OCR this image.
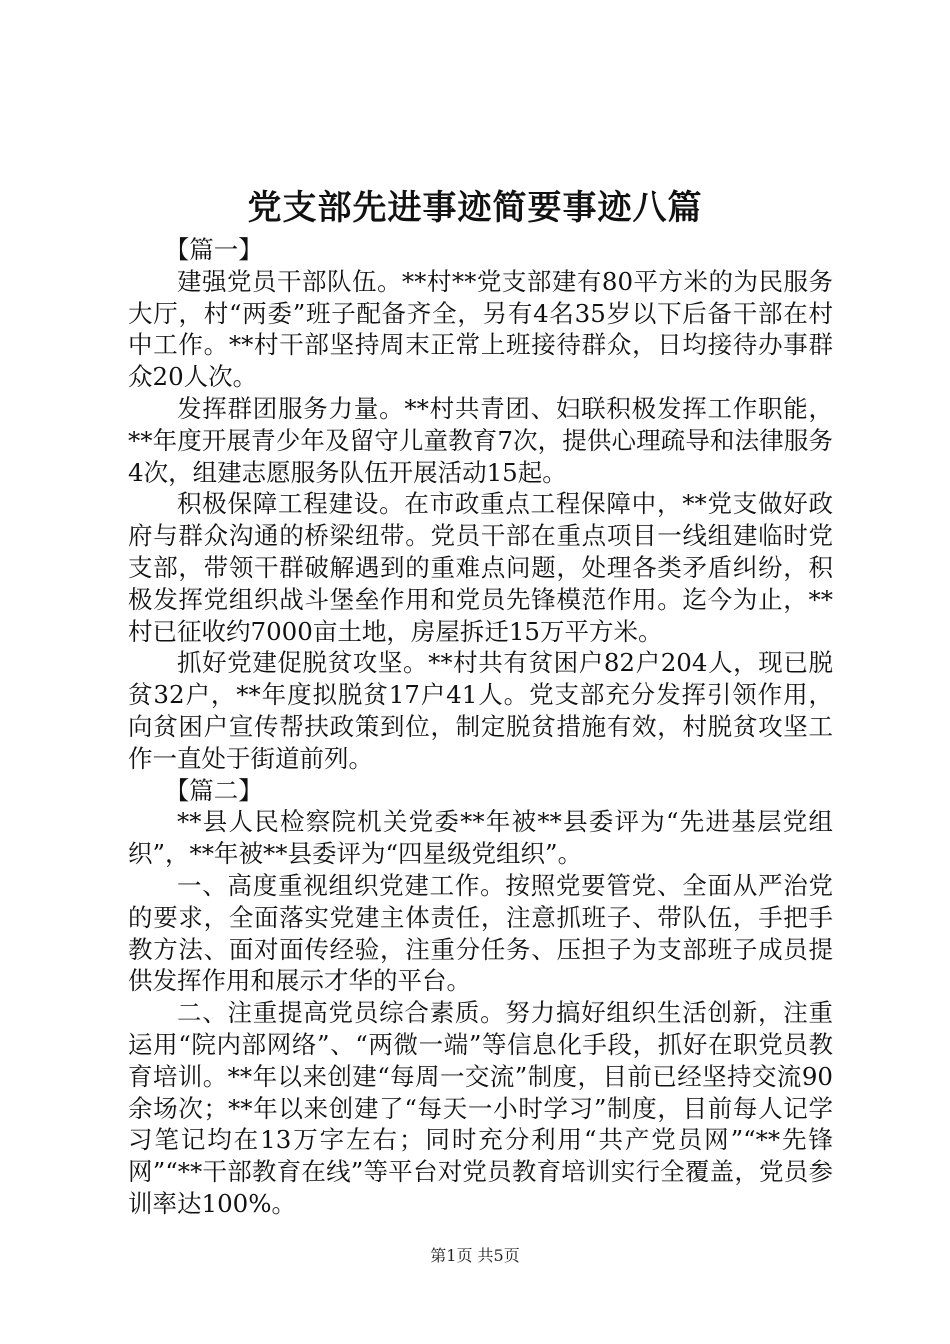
党支部先进事迹简要事迹八篇

【篇一】

建强党员干部队伍。**村**党支部建有80平方米的为民服务大厅，村“两委”班子配备齐全，另有4名35岁以下后备干部在村中工作。**村干部坚持周末正常上班接待群众，日均接待办事群众20人次。

发挥群团服务力量。**村共青团、妇联积极发挥工作职能，**年度开展青少年及留守儿童教育7次，提供心理疏导和法律服务4次，组建志愿服务队伍开展活动15起。

积极保障工程建设。在市政重点工程保障中，**党支做好政府与群众沟通的桥梁纽带。党员干部在重点项目一线组建临时党支部，带领干群破解遇到的重难点问题，处理各类矛盾纠纷，积极发挥党组织战斗堡垒作用和党员先锋模范作用。迄今为止，**村已征收约7000亩土地，房屋拆迁15万平方米。

抓好党建促脱贫攻坚。**村共有贫困户82户204人，现已脱贫32户，**年度拟脱贫17户41人。党支部充分发挥引领作用，向贫困户宣传帮扶政策到位，制定脱贫措施有效，村脱贫攻坚工作一直处于街道前列。

【篇二】

**县人民检察院机关党委**年被**县委评为“先进基层党组织”，**年被**县委评为“四星级党组织”。

一、高度重视组织党建工作。按照党要管党、全面从严治党的要求，全面落实党建主体责任，注意抓班子、带队伍，手把手教方法、面对面传经验，注重分任务、压担子为支部班子成员提供发挥作用和展示才华的平台。

二、注重提高党员综合素质。努力搞好组织生活创新，注重运用“院内部网络”、“两微一端”等信息化手段，抓好在职党员教育培训。**年以来创建“每周一交流”制度，目前已经坚持交流90余场次；**年以来创建了“每天一小时学习”制度，目前每人记学习笔记均在13万字左右；同时充分利用“共产党员网”“**先锋网”“**干部教育在线”等平台对党员教育培训实行全覆盖，党员参训率达100%。

第1页 共5页
